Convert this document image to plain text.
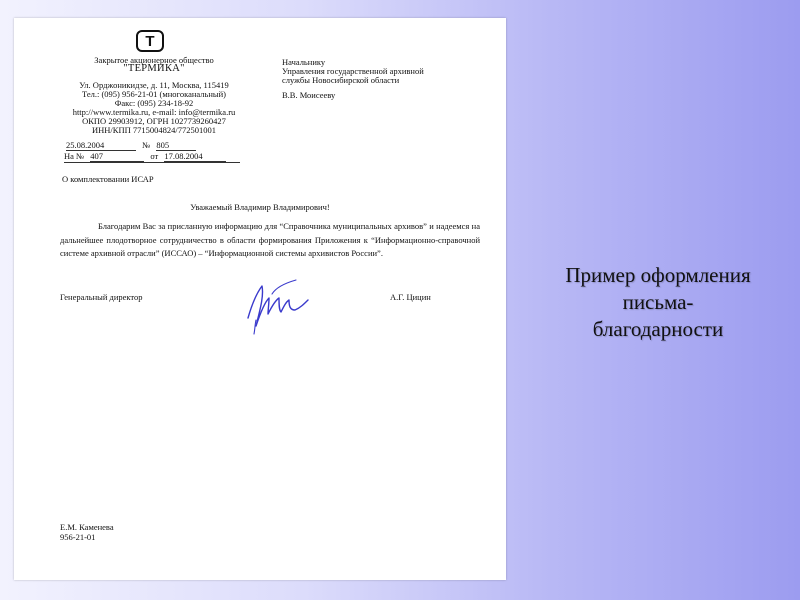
T
Закрытое акционерное общество
"ТЕРМИКА"
Ул. Орджоникидзе, д. 11, Москва, 115419
Тел.: (095) 956-21-01 (многоканальный)
Факс: (095) 234-18-92
http://www.termika.ru, e-mail: info@termika.ru
ОКПО 29903912, ОГРН 1027739260427
ИНН/КПП 7715004824/772501001
Начальнику
Управления государственной архивной
службы Новосибирской области
В.В. Моисееву
25.08.2004	№ 805
На № 407	от 17.08.2004
О комплектовании ИСАР
Уважаемый Владимир Владимирович!
Благодарим Вас за присланную информацию для “Справочника муниципальных архивов” и надеемся на дальнейшее плодотворное сотрудничество в области формирования Приложения к “Информационно-справочной системе архивной отрасли” (ИССАО) – “Информационной системы архивистов России”.
Генеральный директор	А.Г. Цицин
Е.М. Каменева
956-21-01
Пример оформления
письма-
благодарности
